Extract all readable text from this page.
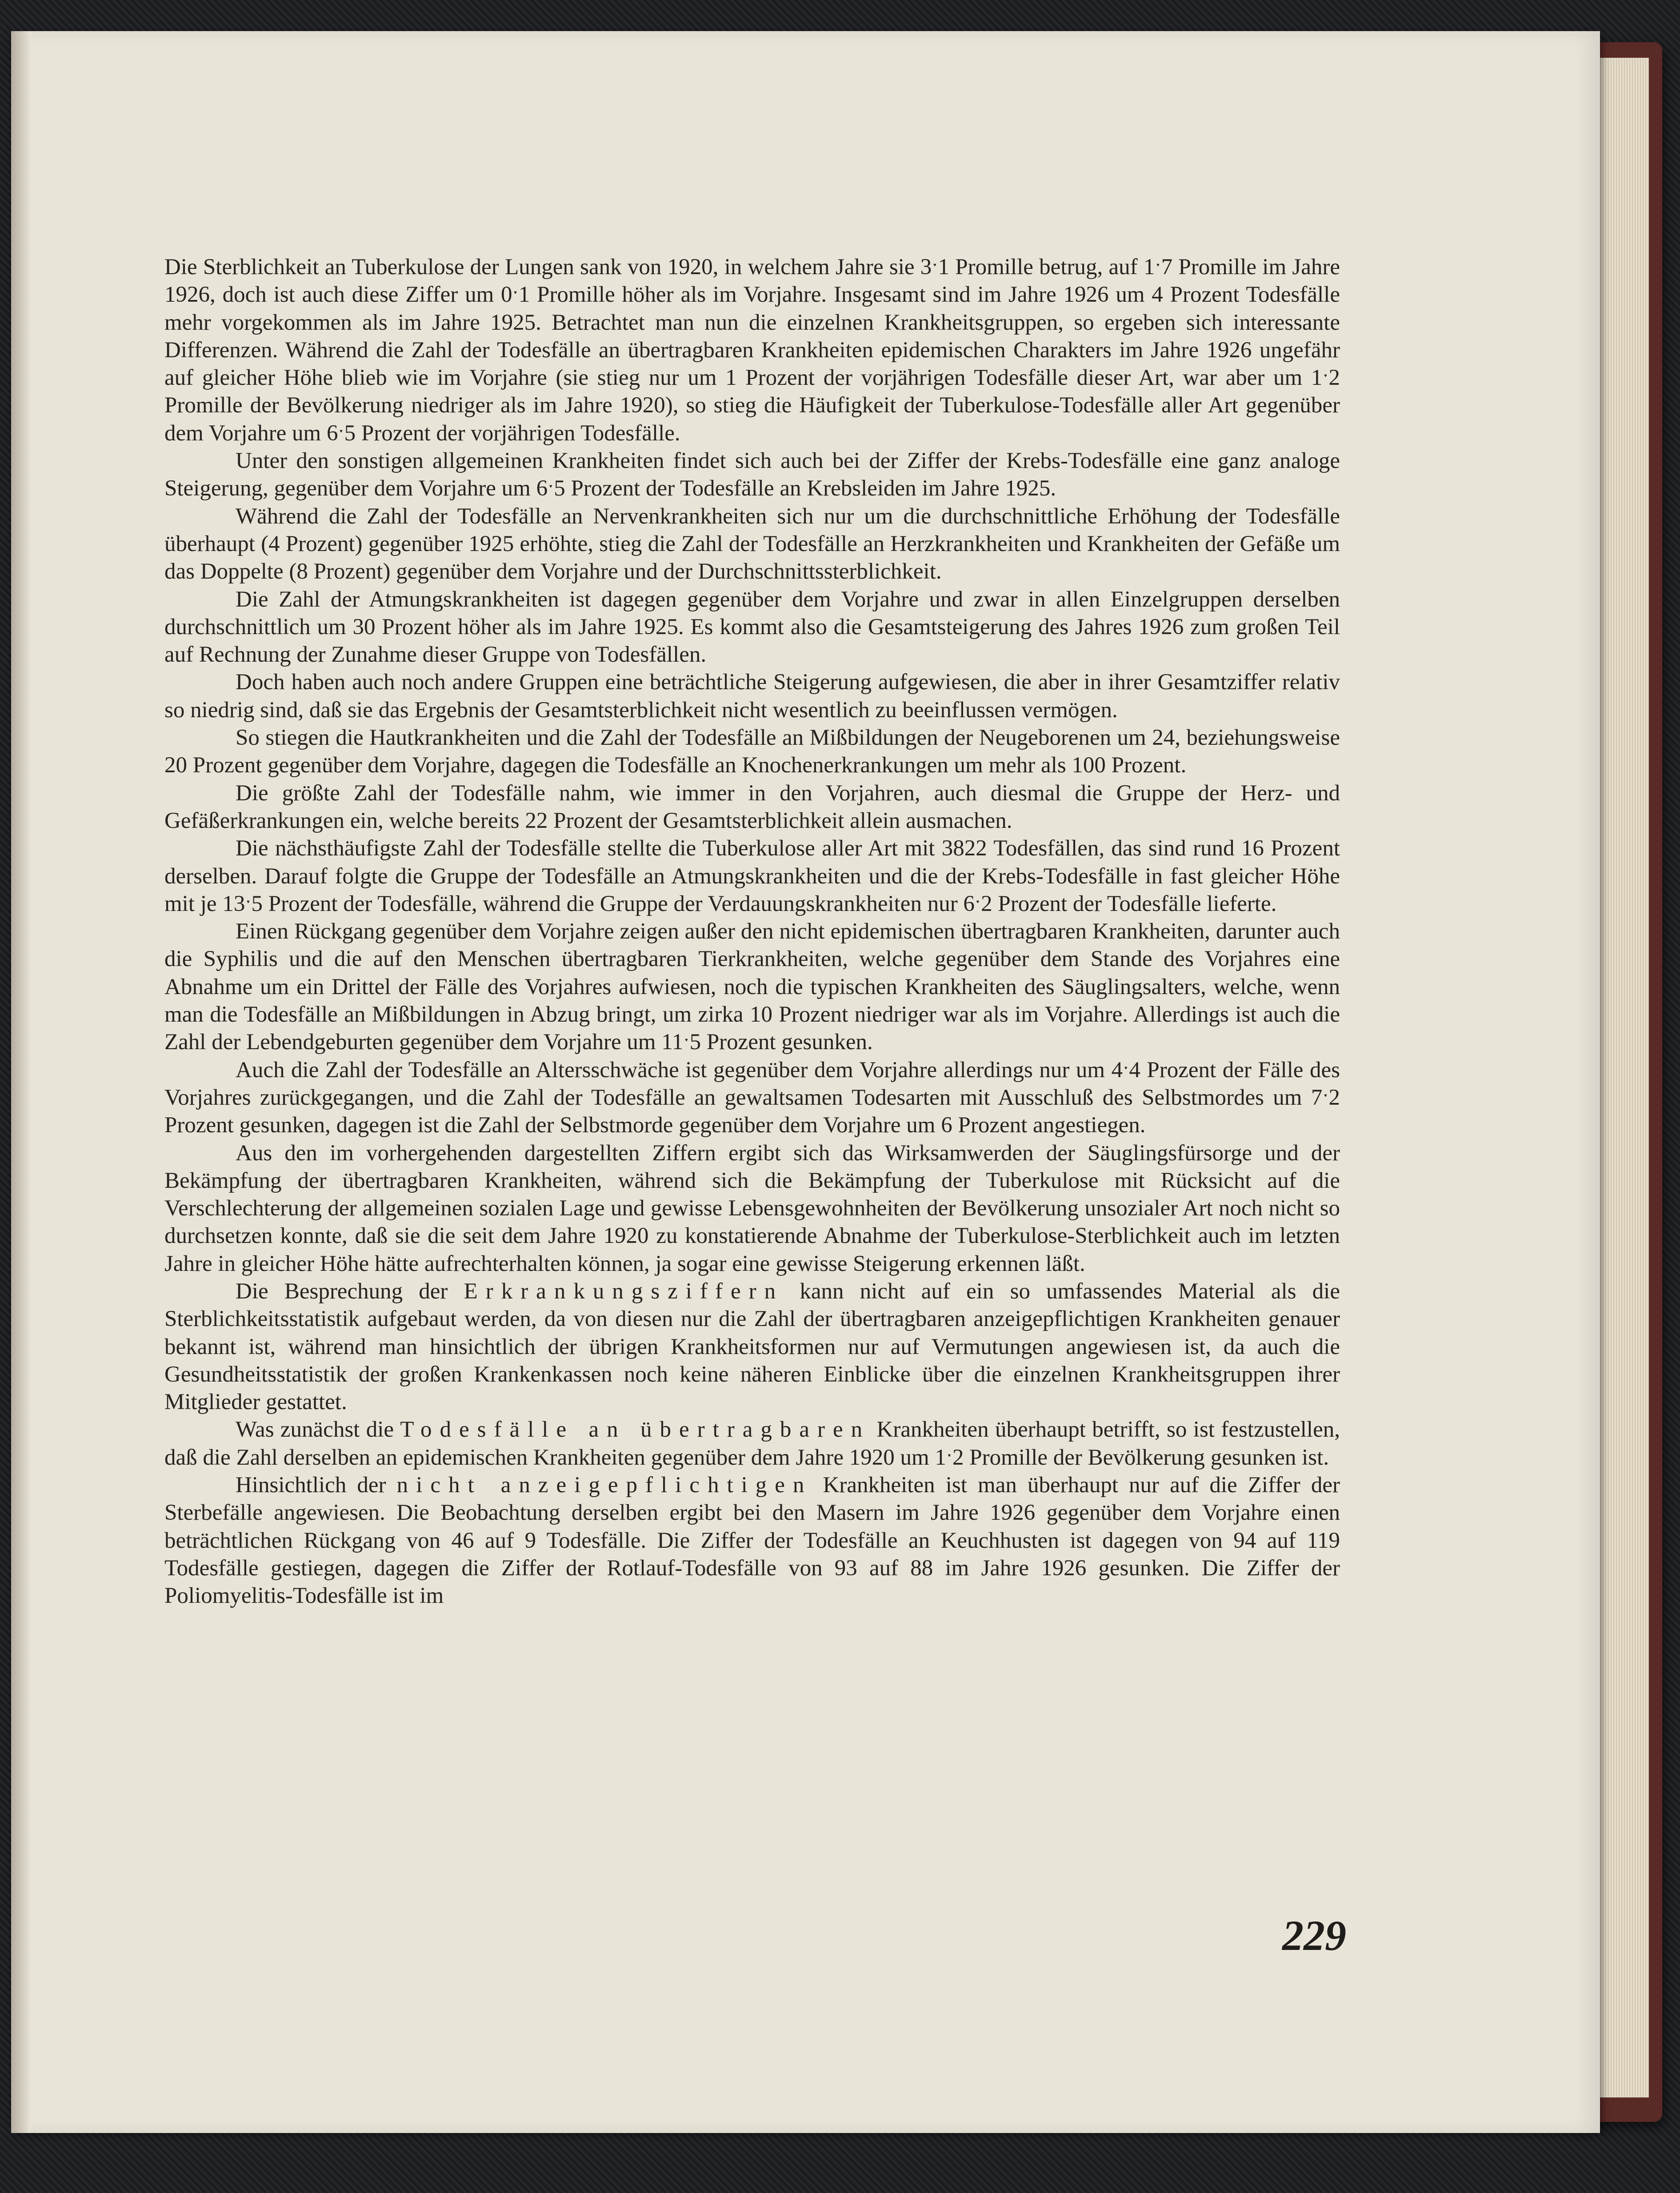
Die Sterblichkeit an Tuberkulose der Lungen sank von 1920, in welchem Jahre sie 3ˑ1 Promille betrug, auf 1ˑ7 Promille im Jahre 1926, doch ist auch diese Ziffer um 0ˑ1 Promille höher als im Vorjahre. Insgesamt sind im Jahre 1926 um 4 Prozent Todesfälle mehr vorgekommen als im Jahre 1925. Betrachtet man nun die einzelnen Krankheitsgruppen, so ergeben sich interessante Differenzen. Während die Zahl der Todesfälle an übertragbaren Krankheiten epidemischen Charakters im Jahre 1926 ungefähr auf gleicher Höhe blieb wie im Vorjahre (sie stieg nur um 1 Prozent der vorjährigen Todesfälle dieser Art, war aber um 1ˑ2 Promille der Bevölkerung niedriger als im Jahre 1920), so stieg die Häufigkeit der Tuberkulose-Todesfälle aller Art gegenüber dem Vorjahre um 6ˑ5 Prozent der vorjährigen Todesfälle.

Unter den sonstigen allgemeinen Krankheiten findet sich auch bei der Ziffer der Krebs-Todesfälle eine ganz analoge Steigerung, gegenüber dem Vorjahre um 6ˑ5 Prozent der Todesfälle an Krebsleiden im Jahre 1925.

Während die Zahl der Todesfälle an Nervenkrankheiten sich nur um die durchschnittliche Erhöhung der Todesfälle überhaupt (4 Prozent) gegenüber 1925 erhöhte, stieg die Zahl der Todesfälle an Herzkrankheiten und Krankheiten der Gefäße um das Doppelte (8 Prozent) gegenüber dem Vorjahre und der Durchschnittssterblichkeit.

Die Zahl der Atmungskrankheiten ist dagegen gegenüber dem Vorjahre und zwar in allen Einzelgruppen derselben durchschnittlich um 30 Prozent höher als im Jahre 1925. Es kommt also die Gesamtsteigerung des Jahres 1926 zum großen Teil auf Rechnung der Zunahme dieser Gruppe von Todesfällen.

Doch haben auch noch andere Gruppen eine beträchtliche Steigerung aufgewiesen, die aber in ihrer Gesamtziffer relativ so niedrig sind, daß sie das Ergebnis der Gesamtsterblichkeit nicht wesentlich zu beeinflussen vermögen.

So stiegen die Hautkrankheiten und die Zahl der Todesfälle an Mißbildungen der Neugeborenen um 24, beziehungsweise 20 Prozent gegenüber dem Vorjahre, dagegen die Todesfälle an Knochenerkrankungen um mehr als 100 Prozent.

Die größte Zahl der Todesfälle nahm, wie immer in den Vorjahren, auch diesmal die Gruppe der Herz- und Gefäßerkrankungen ein, welche bereits 22 Prozent der Gesamtsterblichkeit allein ausmachen.

Die nächsthäufigste Zahl der Todesfälle stellte die Tuberkulose aller Art mit 3822 Todesfällen, das sind rund 16 Prozent derselben. Darauf folgte die Gruppe der Todesfälle an Atmungskrankheiten und die der Krebs-Todesfälle in fast gleicher Höhe mit je 13ˑ5 Prozent der Todesfälle, während die Gruppe der Verdauungskrankheiten nur 6ˑ2 Prozent der Todesfälle lieferte.

Einen Rückgang gegenüber dem Vorjahre zeigen außer den nicht epidemischen übertragbaren Krankheiten, darunter auch die Syphilis und die auf den Menschen übertragbaren Tierkrankheiten, welche gegenüber dem Stande des Vorjahres eine Abnahme um ein Drittel der Fälle des Vorjahres aufwiesen, noch die typischen Krankheiten des Säuglingsalters, welche, wenn man die Todesfälle an Mißbildungen in Abzug bringt, um zirka 10 Prozent niedriger war als im Vorjahre. Allerdings ist auch die Zahl der Lebendgeburten gegenüber dem Vorjahre um 11ˑ5 Prozent gesunken.

Auch die Zahl der Todesfälle an Altersschwäche ist gegenüber dem Vorjahre allerdings nur um 4ˑ4 Prozent der Fälle des Vorjahres zurückgegangen, und die Zahl der Todesfälle an gewaltsamen Todesarten mit Ausschluß des Selbstmordes um 7ˑ2 Prozent gesunken, dagegen ist die Zahl der Selbstmorde gegenüber dem Vorjahre um 6 Prozent angestiegen.

Aus den im vorhergehenden dargestellten Ziffern ergibt sich das Wirksamwerden der Säuglingsfürsorge und der Bekämpfung der übertragbaren Krankheiten, während sich die Bekämpfung der Tuberkulose mit Rücksicht auf die Verschlechterung der allgemeinen sozialen Lage und gewisse Lebensgewohnheiten der Bevölkerung unsozialer Art noch nicht so durchsetzen konnte, daß sie die seit dem Jahre 1920 zu konstatierende Abnahme der Tuberkulose-Sterblichkeit auch im letzten Jahre in gleicher Höhe hätte aufrechterhalten können, ja sogar eine gewisse Steigerung erkennen läßt.

Die Besprechung der Erkrankungsziffern kann nicht auf ein so umfassendes Material als die Sterblichkeitsstatistik aufgebaut werden, da von diesen nur die Zahl der übertragbaren anzeigepflichtigen Krankheiten genauer bekannt ist, während man hinsichtlich der übrigen Krankheitsformen nur auf Vermutungen angewiesen ist, da auch die Gesundheitsstatistik der großen Krankenkassen noch keine näheren Einblicke über die einzelnen Krankheitsgruppen ihrer Mitglieder gestattet.

Was zunächst die Todesfälle an übertragbaren Krankheiten überhaupt betrifft, so ist festzustellen, daß die Zahl derselben an epidemischen Krankheiten gegenüber dem Jahre 1920 um 1ˑ2 Promille der Bevölkerung gesunken ist.

Hinsichtlich der nicht anzeigepflichtigen Krankheiten ist man überhaupt nur auf die Ziffer der Sterbefälle angewiesen. Die Beobachtung derselben ergibt bei den Masern im Jahre 1926 gegenüber dem Vorjahre einen beträchtlichen Rückgang von 46 auf 9 Todesfälle. Die Ziffer der Todesfälle an Keuchhusten ist dagegen von 94 auf 119 Todesfälle gestiegen, dagegen die Ziffer der Rotlauf-Todesfälle von 93 auf 88 im Jahre 1926 gesunken. Die Ziffer der Poliomyelitis-Todesfälle ist im

229
